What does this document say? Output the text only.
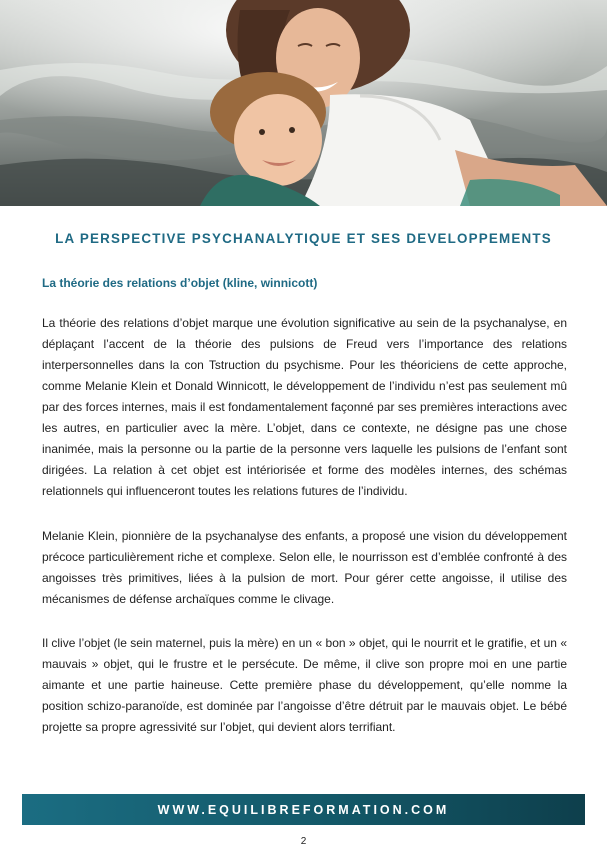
LA PERSPECTIVE PSYCHANALYTIQUE ET SES DEVELOPPEMENTS
La théorie des relations d’objet (kline, winnicott)

La théorie des relations d’objet marque une évolution significative au sein de la psychanalyse, en déplaçant l’accent de la théorie des pulsions de Freud vers l’importance des relations interpersonnelles dans la con Tstruction du psychisme. Pour les théoriciens de cette approche, comme Melanie Klein et Donald Winnicott, le développement de l’individu n’est pas seulement mû par des forces internes, mais il est fondamentalement façonné par ses premières interactions avec les autres, en particulier avec la mère. L’objet, dans ce contexte, ne désigne pas une chose inanimée, mais la personne ou la partie de la personne vers laquelle les pulsions de l’enfant sont dirigées. La relation à cet objet est intériorisée et forme des modèles internes, des schémas relationnels qui influenceront toutes les relations futures de l’individu.

Melanie Klein, pionnière de la psychanalyse des enfants, a proposé une vision du développement précoce particulièrement riche et complexe. Selon elle, le nourrisson est d’emblée confronté à des angoisses très primitives, liées à la pulsion de mort. Pour gérer cette angoisse, il utilise des mécanismes de défense archaïques comme le clivage.

Il clive l’objet (le sein maternel, puis la mère) en un « bon » objet, qui le nourrit et le gratifie, et un « mauvais » objet, qui le frustre et le persécute. De même, il clive son propre moi en une partie aimante et une partie haineuse. Cette première phase du développement, qu’elle nomme la position schizo-paranoïde, est dominée par l’angoisse d’être détruit par le mauvais objet. Le bébé projette sa propre agressivité sur l’objet, qui devient alors terrifiant.

WWW.EQUILIBREFORMATION.COM
2
